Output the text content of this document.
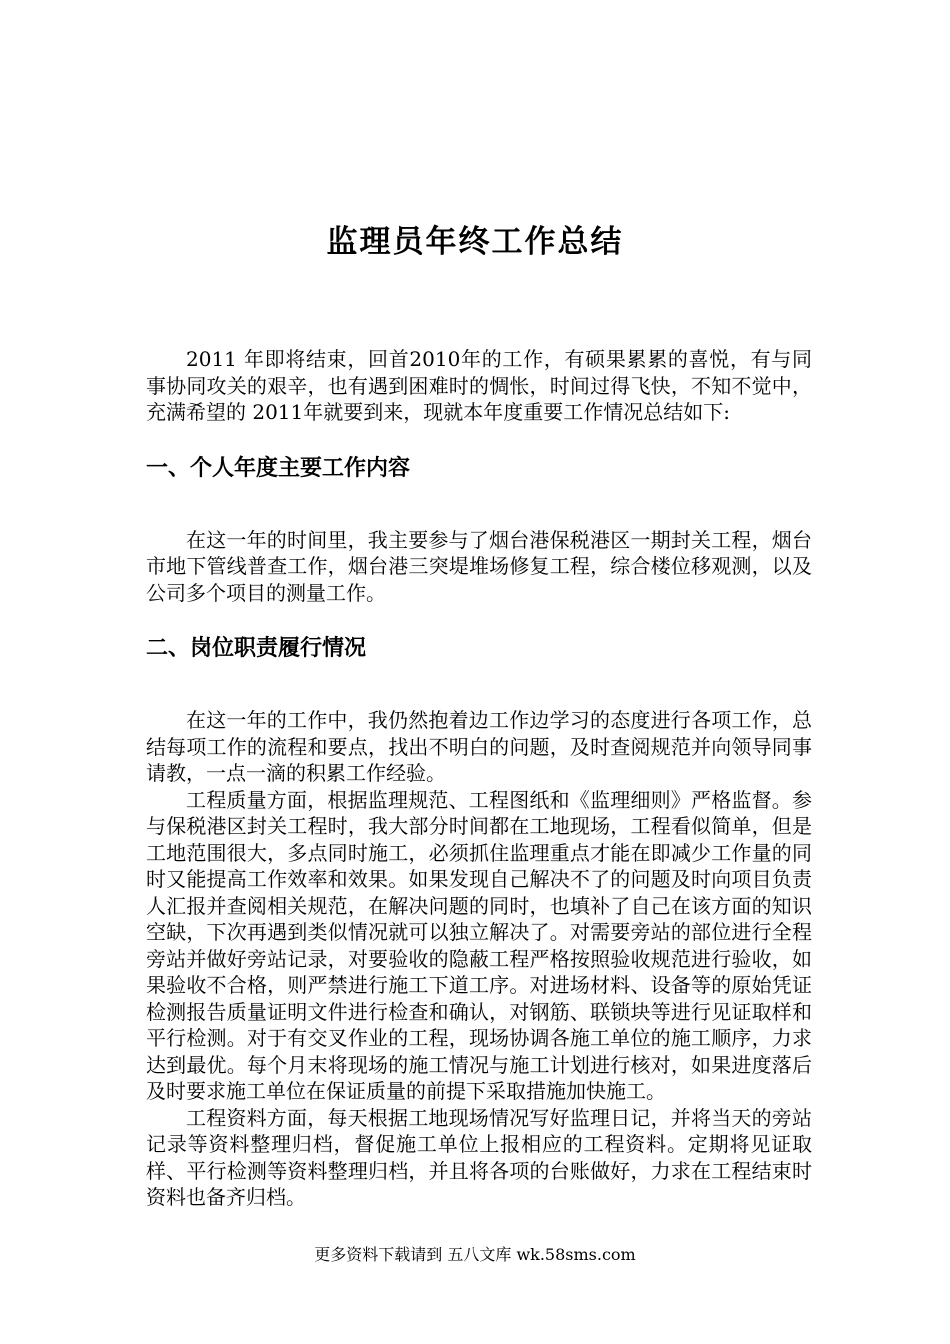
监理员年终工作总结

2011 年即将结束，回首2010年的工作，有硕果累累的喜悦，有与同事协同攻关的艰辛，也有遇到困难时的惆怅，时间过得飞快，不知不觉中，充满希望的 2011年就要到来，现就本年度重要工作情况总结如下:

一、个人年度主要工作内容

在这一年的时间里，我主要参与了烟台港保税港区一期封关工程，烟台市地下管线普查工作，烟台港三突堤堆场修复工程，综合楼位移观测，以及公司多个项目的测量工作。

二、岗位职责履行情况

在这一年的工作中，我仍然抱着边工作边学习的态度进行各项工作，总结每项工作的流程和要点，找出不明白的问题，及时查阅规范并向领导同事请教，一点一滴的积累工作经验。

工程质量方面，根据监理规范、工程图纸和《监理细则》严格监督。参与保税港区封关工程时，我大部分时间都在工地现场，工程看似简单，但是工地范围很大，多点同时施工，必须抓住监理重点才能在即减少工作量的同时又能提高工作效率和效果。如果发现自己解决不了的问题及时向项目负责人汇报并查阅相关规范，在解决问题的同时，也填补了自己在该方面的知识空缺，下次再遇到类似情况就可以独立解决了。对需要旁站的部位进行全程旁站并做好旁站记录，对要验收的隐蔽工程严格按照验收规范进行验收，如果验收不合格，则严禁进行施工下道工序。对进场材料、设备等的原始凭证检测报告质量证明文件进行检查和确认，对钢筋、联锁块等进行见证取样和平行检测。对于有交叉作业的工程，现场协调各施工单位的施工顺序，力求达到最优。每个月末将现场的施工情况与施工计划进行核对，如果进度落后及时要求施工单位在保证质量的前提下采取措施加快施工。

工程资料方面，每天根据工地现场情况写好监理日记，并将当天的旁站记录等资料整理归档，督促施工单位上报相应的工程资料。定期将见证取样、平行检测等资料整理归档，并且将各项的台账做好，力求在工程结束时资料也备齐归档。

更多资料下载请到 五八文库 wk.58sms.com
